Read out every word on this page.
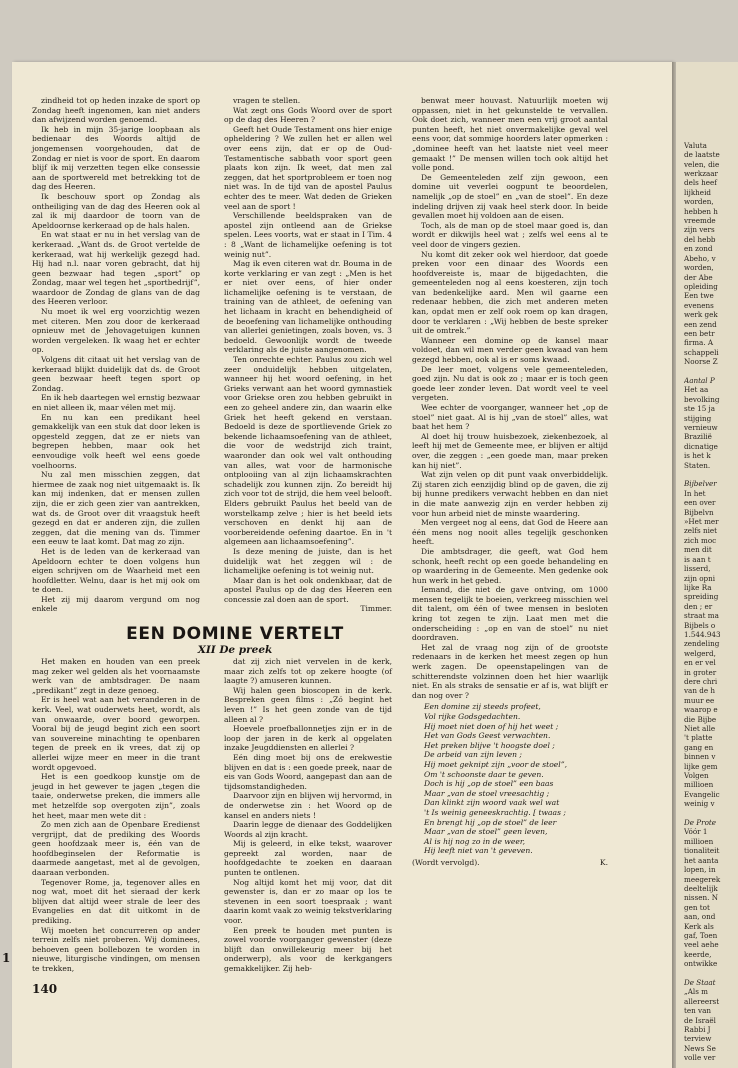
zindheid tot op heden inzake de sport op Zondag heeft ingenomen, kan niet anders dan afwijzend worden genoemd.

Ik heb in mijn 35-jarige loopbaan als bedienaar des Woords altijd de jongemensen voorgehouden, dat de Zondag er niet is voor de sport. En daarom blijf ik mij verzetten tegen elke consessie aan de sportwereld met betrekking tot de dag des Heeren.

Ik beschouw sport op Zondag als ontheiliging van de dag des Heeren ook al zal ik mij daardoor de toorn van de Apeldoornse kerkeraad op de hals halen.

En wat staat er nu in het verslag van de kerkeraad. „Want ds. de Groot vertelde de kerkeraad, wat hij werkelijk gezegd had. Hij had n.l. naar voren gebracht, dat hij geen bezwaar had tegen „sport” op Zondag, maar wel tegen het „sportbedrijf”, waardoor de Zondag de glans van de dag des Heeren verloor.

Nu moet ik wel erg voorzichtig wezen met citeren. Men zou door de kerkeraad opnieuw met de Jehovagetuigen kunnen worden vergeleken. Ik waag het er echter op.

Volgens dit citaat uit het verslag van de kerkeraad blijkt duidelijk dat ds. de Groot geen bezwaar heeft tegen sport op Zondag.

En ik heb daartegen wel ernstig bezwaar en niet alleen ik, maar vélen met mij.

En nu kan een predikant heel gemakkelijk van een stuk dat door leken is opgesteld zeggen, dat ze er niets van begrepen hebben, maar ook het eenvoudige volk heeft wel eens goede voelhoorns.

Nu zal men misschien zeggen, dat hiermee de zaak nog niet uitgemaakt is. Ik kan mij indenken, dat er mensen zullen zijn, die er zich geen zier van aantrekken, wat ds. de Groot over dit vraagstuk heeft gezegd en dat er anderen zijn, die zullen zeggen, dat die mening van ds. Timmer een eeuw te laat komt. Dat mag zo zijn.

Het is de leden van de kerkeraad van Apeldoorn echter te doen volgens hun eigen schrijven om de Waarheid met een hoofdletter. Welnu, daar is het mij ook om te doen.

Het zij mij daarom vergund om nog enkele

vragen te stellen.

Wat zegt ons Gods Woord over de sport op de dag des Heeren ?

Geeft het Oude Testament ons hier enige opheldering ? We zullen het er allen wel over eens zijn, dat er op de Oud-Testamentische sabbath voor sport geen plaats kon zijn. Ik weet, dat men zal zeggen, dat het sportprobleem er toen nog niet was. In de tijd van de apostel Paulus echter des te meer. Wat deden de Grieken veel aan de sport !

Verschillende beeldspraken van de apostel zijn ontleend aan de Griekse spelen. Lees voorts, wat er staat in I Tim. 4 : 8 „Want de lichamelijke oefening is tot weinig nut”.

Mag ik even citeren wat dr. Bouma in de korte verklaring er van zegt : „Men is het er niet over eens, of hier onder lichamelijke oefening is te verstaan, de training van de athleet, de oefening van het lichaam in kracht en behendigheid of de beoefening van lichamelijke onthouding van allerlei genietingen, zoals boven, vs. 3 bedoeld. Gewoonlijk wordt de tweede verklaring als de juiste aangenomen.

Ten onrechte echter. Paulus zou zich wel zeer onduidelijk hebben uitgelaten, wanneer hij het woord oefening, in het Grieks verwant aan het woord gymnastiek voor Griekse oren zou hebben gebruikt in een zo geheel andere zin, dan waarin elke Griek het heeft gekend en verstaan. Bedoeld is deze de sportlievende Griek zo bekende lichaamsoefening van de athleet, die voor de wedstrijd zich traint, waaronder dan ook wel valt onthouding van alles, wat voor de harmonische ontplooiing van al zijn lichaamskrachten schadelijk zou kunnen zijn. Zo bereidt hij zich voor tot de strijd, die hem veel belooft. Elders gebruikt Paulus het beeld van de worstelkamp zelve ; hier is het beeld iets verschoven en denkt hij aan de voorbereidende oefening daartoe. En in 't algemeen aan lichaamsoefening”.

Is deze mening de juiste, dan is het duidelijk wat het zeggen wil : de lichamelijke oefening is tot weinig nut.

Maar dan is het ook ondenkbaar, dat de apostel Paulus op de dag des Heeren een concessie zal doen aan de sport.

Timmer.

benwat meer houvast. Natuurlijk moeten wij oppassen, niet in het gekunstelde te vervallen. Ook doet zich, wanneer men een vrij groot aantal punten heeft, het niet onvermakelijke geval wel eens voor, dat sommige hoorders later opmerken : „dominee heeft van het laatste niet veel meer gemaakt !” De mensen willen toch ook altijd het volle pond.

De Gemeenteleden zelf zijn gewoon, een domine uit veverlei oogpunt te beoordelen, namelijk „op de stoel” en „van de stoel”. En deze indeling drijven zij vaak heel sterk door. In beide gevallen moet hij voldoen aan de eisen.

Toch, als de man op de stoel maar goed is, dan wordt er dikwijls heel wat ; zelfs wel eens al te veel door de vingers gezien.

Nu komt dit zeker ook wel hierdoor, dat goede preken voor een dinaar des Woords een hoofdvereiste is, maar de bijgedachten, die gemeenteleden nog al eens koesteren, zijn toch van bedenkelijke aard. Men wil gaarne een redenaar hebben, die zich met anderen meten kan, opdat men er zelf ook roem op kan dragen, door te verklaren : „Wij hebben de beste spreker uit de omtrek.”

Wanneer een domine op de kansel maar voldoet, dan wil men verder geen kwaad van hem gezegd hebben, ook al is er soms kwaad.

De leer moet, volgens vele gemeenteleden, goed zijn. Nu dat is ook zo ; maar er is toch geen goede leer zonder leven. Dat wordt veel te veel vergeten.

Wee echter de voorganger, wanneer het „op de stoel” niet gaat. Al is hij „van de stoel” alles, wat baat het hem ?

Al doet hij trouw huisbezoek, ziekenbezoek, al leeft hij met de Gemeente mee, er blijven er altijd over, die zeggen : „een goede man, maar preken kan hij niet”.

Wat zijn velen op dit punt vaak onverbiddelijk. Zij staren zich eenzijdig blind op de gaven, die zij bij hunne predikers verwacht hebben en dan niet in die mate aanwezig zijn en verder hebben zij voor hun arbeid niet de minste waardering.

Men vergeet nog al eens, dat God de Heere aan één mens nog nooit alles tegelijk geschonken heeft.

Die ambtsdrager, die geeft, wat God hem schonk, heeft recht op een goede behandeling en op waardering in de Gemeente. Men gedenke ook hun werk in het gebed.

Iemand, die niet de gave ontving, om 1000 mensen tegelijk te boeien, verkreeg misschien wel dit talent, om één of twee mensen in besloten kring tot zegen te zijn. Laat men met die onderscheiding : „op en van de stoel” nu niet doordraven.

Het zal de vraag nog zijn of de grootste redenaars in de kerken het meest zegen op hun werk zagen. De opeenstapelingen van de schitterendste volzinnen doen het hier waarlijk niet. En als straks de sensatie er af is, wat blijft er dan nog over ?

Een domine zij steeds profeet,
Vol rijke Godsgedachten.
Hij moet niet doen of hij het weet ;
Het van Gods Geest verwachten.
Het preken blijve 't hoogste doel ;
De arbeid van zijn leven ;
Hij moet geknipt zijn „voor de stoel”,
Om 't schoonste daar te geven.
Doch is hij „op de stoel” een baas
Maar „van de stoel vreesachtig ;
Dan klinkt zijn woord vaak wel wat
't Is weinig geneeskrachtig. [ twaas ;
En brengt hij „op de stoel” de leer
Maar „van de stoel” geen leven,
Al is hij nog zo in de weer,
Hij leeft niet van 't geveven.

(Wordt vervolgd).	K.

EEN DOMINE VERTELT
XII De preek

Het maken en houden van een preek mag zeker wel gelden als het voornaamste werk van de ambtsdrager. De naam „predikant” zegt in deze genoeg.

Er is heel wat aan het veranderen in de kerk. Veel, wat ouderwets heet, wordt, als van onwaarde, over boord geworpen. Vooral bij de jeugd begint zich een soort van souvereine minachting te openbaren tegen de preek en ik vrees, dat zij op allerlei wijze meer en meer in die trant wordt opgevoed.

Het is een goedkoop kunstje om de jeugd in het gewever te jagen „tegen die taaie, onderwetse preken, die immers alle met hetzelfde sop overgoten zijn”, zoals het heet, maar men wete dit :

Zo men zich aan de Openbare Eredienst vergrijpt, dat de prediking des Woords geen hoofdzaak meer is, één van de hoofdbeginselen der Reformatie is daarmede aangetast, met al de gevolgen, daaraan verbonden.

Tegenover Rome, ja, tegenover alles en nog wat, moet dit het sieraad der kerk blijven dat altijd weer strale de leer des Evangelies en dat dit uitkomt in de prediking.

Wij moeten het concurreren op ander terrein zelfs niet proberen. Wij dominees, behoeven geen bollebozen te worden in nieuwe, liturgische vindingen, om mensen te trekken,

dat zij zich niet vervelen in de kerk, maar zich zelfs tot op zekere hoogte (of laagte ?) amuseren kunnen.

Wij halen geen bioscopen in de kerk. Bespreken geen films : „Zó begint het leven !” Is het geen zonde van de tijd alleen al ?

Hoevele proefballonnetjes zijn er in de loop der jaren in de kerk al opgelaten inzake Jeugddiensten en allerlei ?

Eén ding moet bij ons de erekwestie blijven en dat is : een goede preek, naar de eis van Gods Woord, aangepast dan aan de tijdsomstandigheden.

Daarvoor zijn en blijven wij hervormd, in de onderwetse zin : het Woord op de kansel en anders niets !

Daarin legge de dienaar des Goddelijken Woords al zijn kracht.

Mij is geleerd, in elke tekst, waarover gepreekt zal worden, naar de hoofdgedachte te zoeken en daaraan punten te ontlenen.

Nog altijd komt het mij voor, dat dit gewenster is, dan er zo maar op los te stevenen in een soort toespraak ; want daarin komt vaak zo weinig tekstverklaring voor.

Een preek te houden met punten is zowel voorde voorganger gewenster (deze blijft dan onwillekeurig meer bij het onderwerp), als voor de kerkgangers gemakkelijker. Zij heb-

140
1

Valuta
de laatste
velen, die
werkzaar
dels heef
lijkheid
worden,
hebben h
vreemde
zijn vers
del hebb
en zond
Abeho, v
worden,
der Abe
opleiding
Een twe
evenens
werk gek
een zend
een betr
firma. A
schappeli
Noorse Z

Aantal P
Het aa
bevolking
ste 15 ja
stijging
vernieuw
Brazilië
dicnatige
is het k
Staten.

Bijbelver
In het
een over
Bijbelvn
»Het mer
zelfs niet
zich moc
men dit
is aan t
lisserd,
zijn opni
lijke Ra
spreiding
den ; er
straat ma
Bijbels o
1.544.943
zendeling
welgerd,
en er vel
in groter
dere chri
van de h
muur ee
waarop e
die Bijbe
Niet alle
't platte
gang en
binnen v
lijke gem
Volgen
millioen
Evangelic
weinig v

De Prote
Vóór 1
millioen
tionaliteit
het aanta
lopen, in
meegerek
deeltelijk
nissen. N
gen tot
aan, ond
Kerk als
gaf, Toen
veel aehe
keerde,
ontwikke

De Staat
„Als m
allereerst
ten van
de Israël
Rabbi J
terview
News Se
volle ver
